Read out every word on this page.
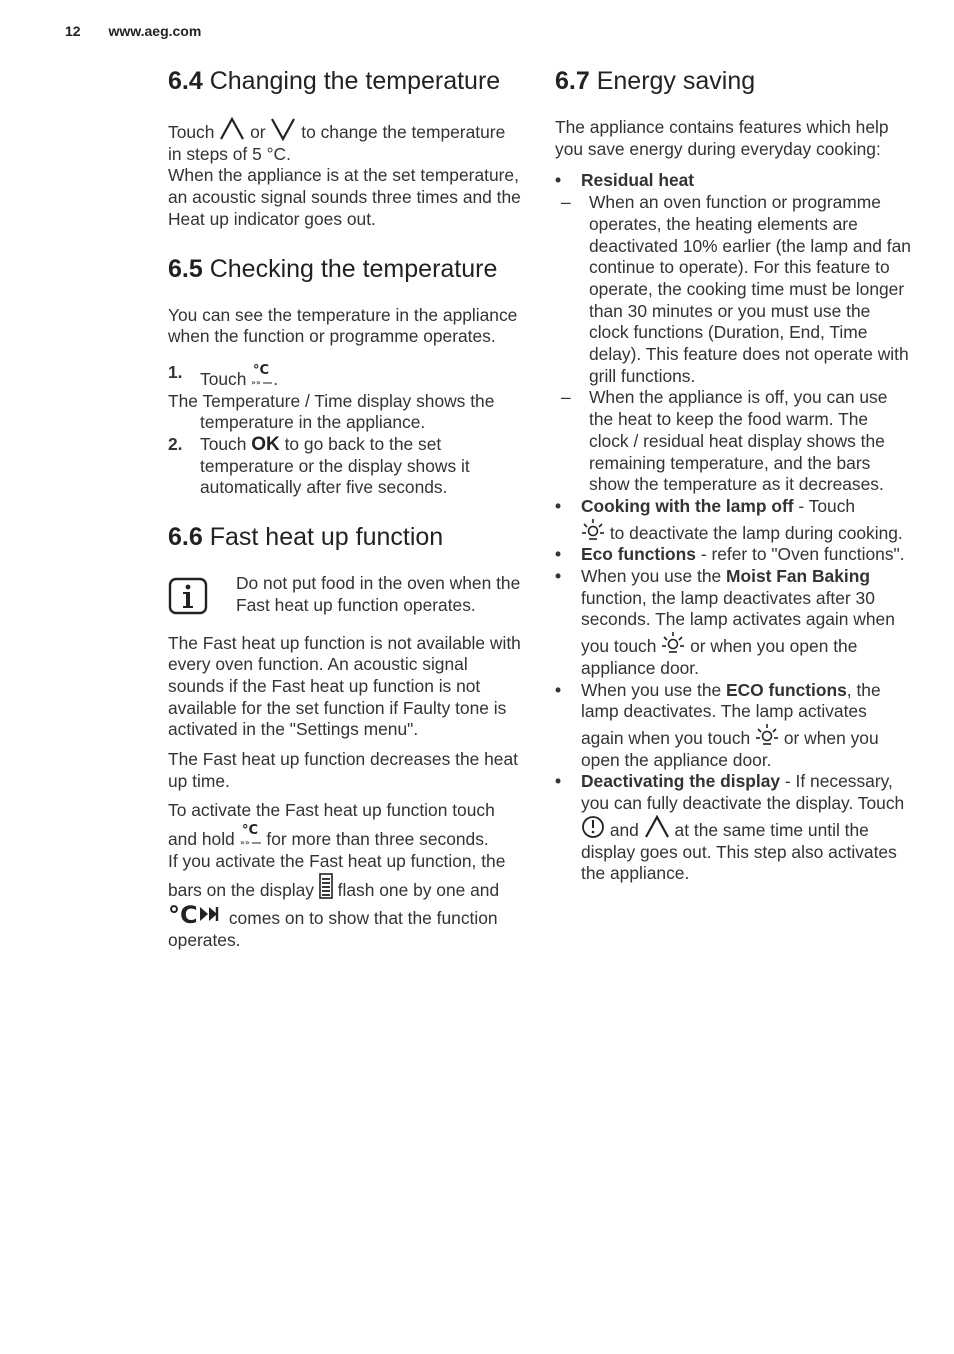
12 www.aeg.com
6.4 Changing the temperature

Touch or to change the temperature in steps of 5 °C.
When the appliance is at the set temperature, an acoustic signal sounds three times and the Heat up indicator goes out.

6.5 Checking the temperature

You can see the temperature in the appliance when the function or programme operates.

1. Touch °C
»» .
The Temperature / Time display shows the temperature in the appliance.
2. Touch OK to go back to the set temperature or the display shows it automatically after five seconds.
6.6 Fast heat up function

Do not put food in the oven when the Fast heat up function operates.

The Fast heat up function is not available with every oven function. An acoustic signal sounds if the Fast heat up function is not available for the set function if Faulty tone is activated in the "Settings menu".

The Fast heat up function decreases the heat up time.

To activate the Fast heat up function touch and hold °C
»» for more than three seconds.
If you activate the Fast heat up function, the bars on the display flash one by one and
°C comes on to show that the function operates.

6.7 Energy saving

The appliance contains features which help you save energy during everyday cooking:

• Residual heat
– When an oven function or programme operates, the heating elements are deactivated 10% earlier (the lamp and fan continue to operate). For this feature to operate, the cooking time must be longer than 30 minutes or you must use the clock functions (Duration, End, Time delay). This feature does not operate with grill functions.
– When the appliance is off, you can use the heat to keep the food warm. The clock / residual heat display shows the remaining temperature, and the bars show the temperature as it decreases.
• Cooking with the lamp off - Touch

to deactivate the lamp during cooking.
• Eco functions - refer to "Oven functions".
• When you use the Moist Fan Baking function, the lamp deactivates after 30 seconds. The lamp activates again when you touch or when you open the appliance door.
• When you use the ECO functions, the lamp deactivates. The lamp activates again when you touch or when you open the appliance door.
• Deactivating the display - If necessary, you can fully deactivate the display. Touch
and at the same time until the display goes out. This step also activates the appliance.
